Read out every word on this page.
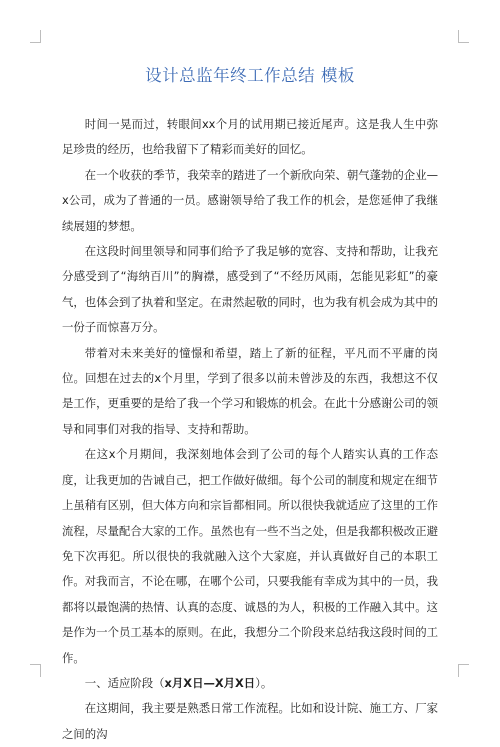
设计总监年终工作总结 模板

时间一晃而过，转眼间xx个月的试用期已接近尾声。这是我人生中弥足珍贵的经历，也给我留下了精彩而美好的回忆。

在一个收获的季节，我荣幸的踏进了一个新欣向荣、朝气蓬勃的企业—x公司，成为了普通的一员。感谢领导给了我工作的机会，是您延伸了我继续展翅的梦想。

在这段时间里领导和同事们给予了我足够的宽容、支持和帮助，让我充分感受到了“海纳百川”的胸襟，感受到了“不经历风雨，怎能见彩虹”的豪气，也体会到了执着和坚定。在肃然起敬的同时，也为我有机会成为其中的一份子而惊喜万分。

带着对未来美好的憧憬和希望，踏上了新的征程，平凡而不平庸的岗位。回想在过去的x个月里，学到了很多以前未曾涉及的东西，我想这不仅是工作，更重要的是给了我一个学习和锻炼的机会。在此十分感谢公司的领导和同事们对我的指导、支持和帮助。

在这x个月期间，我深刻地体会到了公司的每个人踏实认真的工作态度，让我更加的告诫自己，把工作做好做细。每个公司的制度和规定在细节上虽稍有区别，但大体方向和宗旨都相同。所以很快我就适应了这里的工作流程，尽量配合大家的工作。虽然也有一些不当之处，但是我都积极改正避免下次再犯。所以很快的我就融入这个大家庭，并认真做好自己的本职工作。对我而言，不论在哪，在哪个公司，只要我能有幸成为其中的一员，我都将以最饱满的热情、认真的态度、诚恳的为人，积极的工作融入其中。这是作为一个员工基本的原则。在此，我想分二个阶段来总结我这段时间的工作。

一、适应阶段（x月X日—X月X日）。

在这期间，我主要是熟悉日常工作流程。比如和设计院、施工方、厂家之间的沟
